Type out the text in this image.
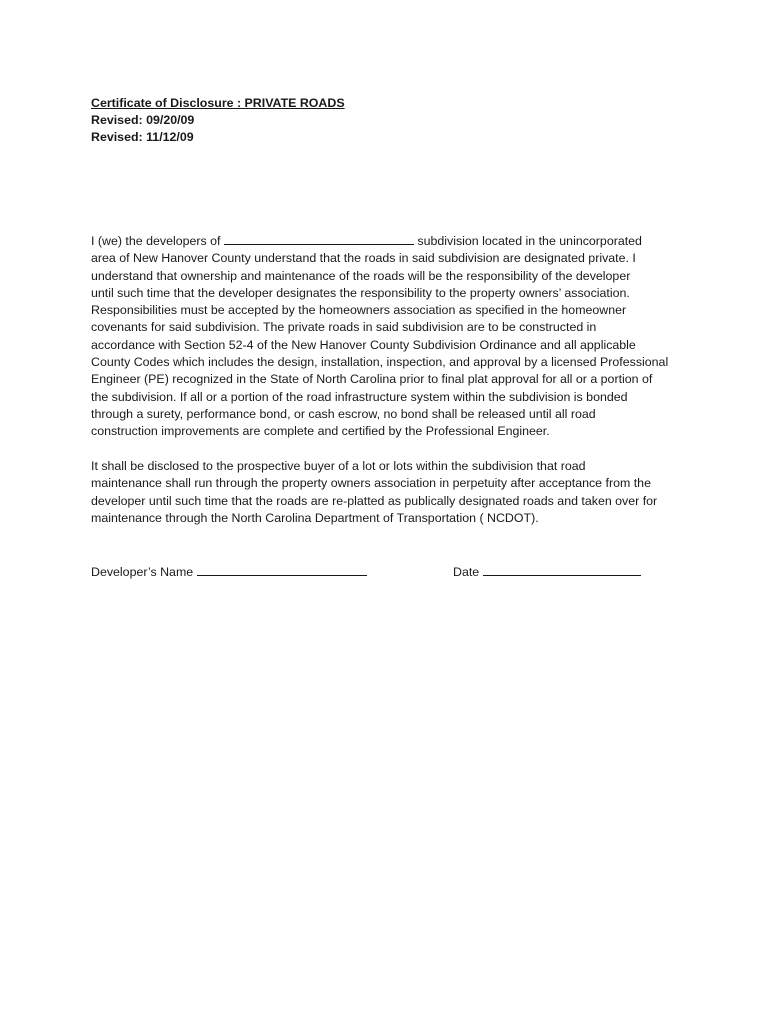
Certificate of Disclosure : PRIVATE ROADS
Revised: 09/20/09
Revised: 11/12/09
I (we) the developers of	subdivision located in the unincorporated
area of New Hanover County understand that the roads in said subdivision are designated private. I
understand that ownership and maintenance of the roads will be the responsibility of the developer
until such time that the developer designates the responsibility to the property owners’ association.
Responsibilities must be accepted by the homeowners association as specified in the homeowner
covenants for said subdivision. The private roads in said subdivision are to be constructed in
accordance with Section 52-4 of the New Hanover County Subdivision Ordinance and all applicable
County Codes which includes the design, installation, inspection, and approval by a licensed Professional
Engineer (PE) recognized in the State of North Carolina prior to final plat approval for all or a portion of
the subdivision. If all or a portion of the road infrastructure system within the subdivision is bonded
through a surety, performance bond, or cash escrow, no bond shall be released until all road
construction improvements are complete and certified by the Professional Engineer.
It shall be disclosed to the prospective buyer of a lot or lots within the subdivision that road
maintenance shall run through the property owners association in perpetuity after acceptance from the
developer until such time that the roads are re-platted as publically designated roads and taken over for
maintenance through the North Carolina Department of Transportation ( NCDOT).
Developer’s Name	Date
